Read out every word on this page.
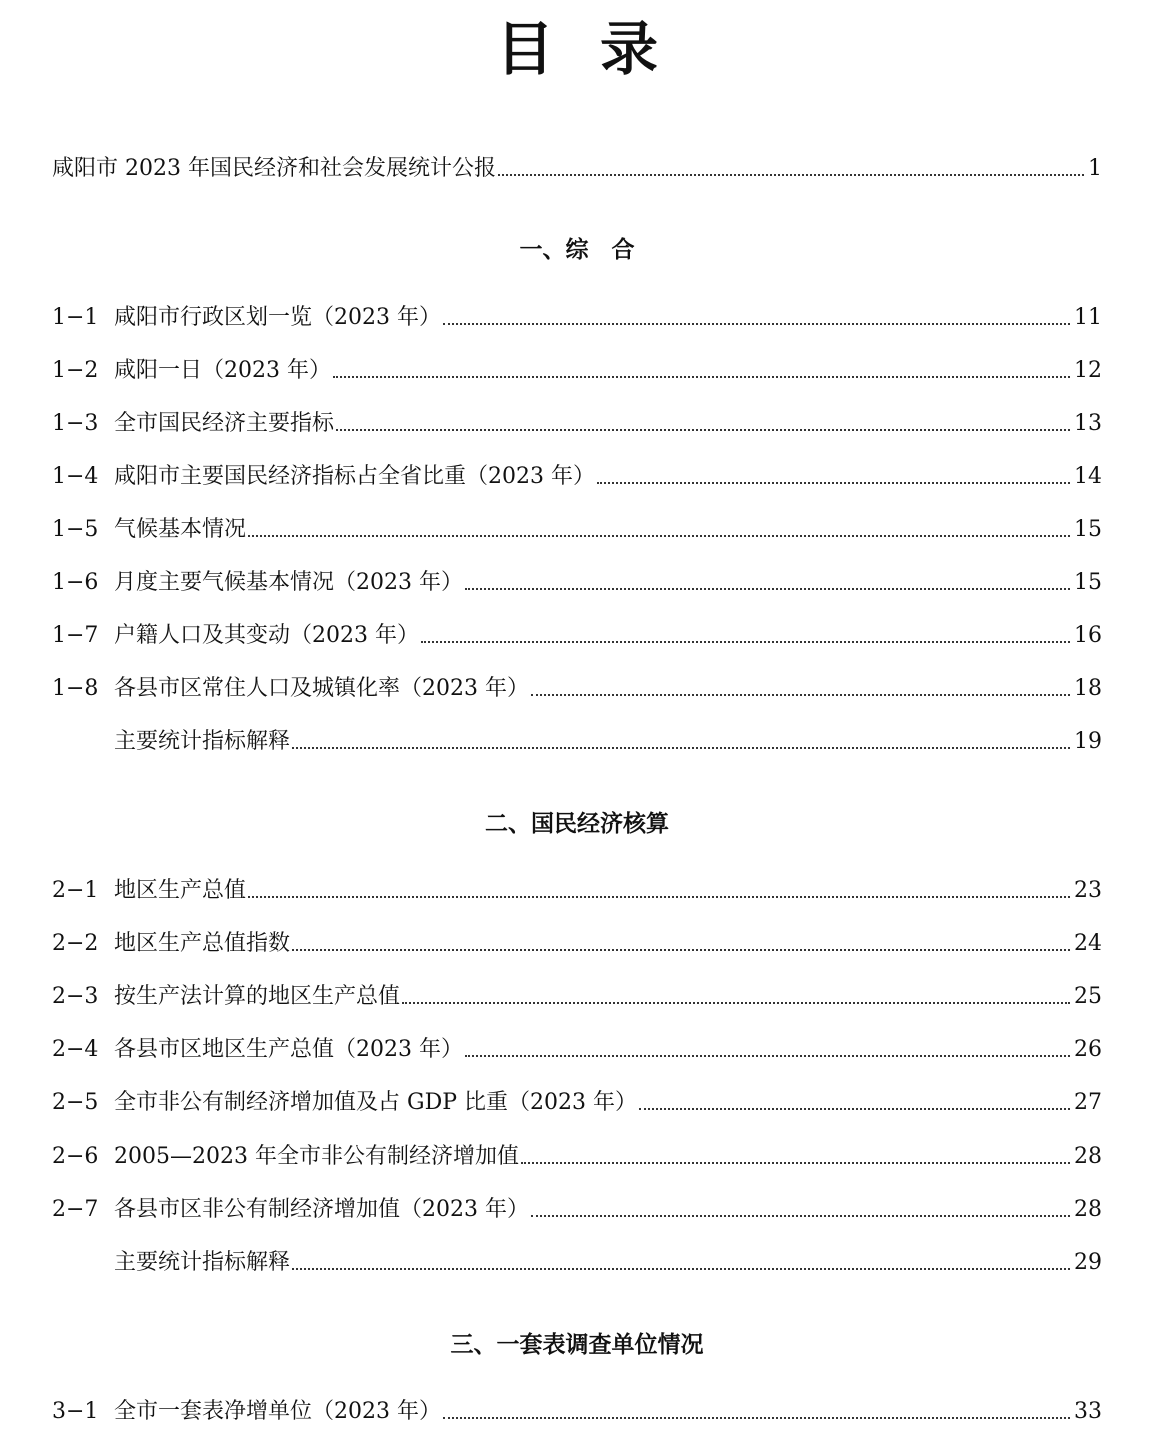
目 录
咸阳市 2023 年国民经济和社会发展统计公报	1
一、综　合
1−1 咸阳市行政区划一览（2023 年）	11
1−2 咸阳一日（2023 年）	12
1−3 全市国民经济主要指标	13
1−4 咸阳市主要国民经济指标占全省比重（2023 年）	14
1−5 气候基本情况	15
1−6 月度主要气候基本情况（2023 年）	15
1−7 户籍人口及其变动（2023 年）	16
1−8 各县市区常住人口及城镇化率（2023 年）	18
主要统计指标解释	19
二、国民经济核算
2−1 地区生产总值	23
2−2 地区生产总值指数	24
2−3 按生产法计算的地区生产总值	25
2−4 各县市区地区生产总值（2023 年）	26
2−5 全市非公有制经济增加值及占 GDP 比重（2023 年）	27
2−6 2005—2023 年全市非公有制经济增加值	28
2−7 各县市区非公有制经济增加值（2023 年）	28
主要统计指标解释	29
三、一套表调查单位情况
3−1 全市一套表净增单位（2023 年）	33
